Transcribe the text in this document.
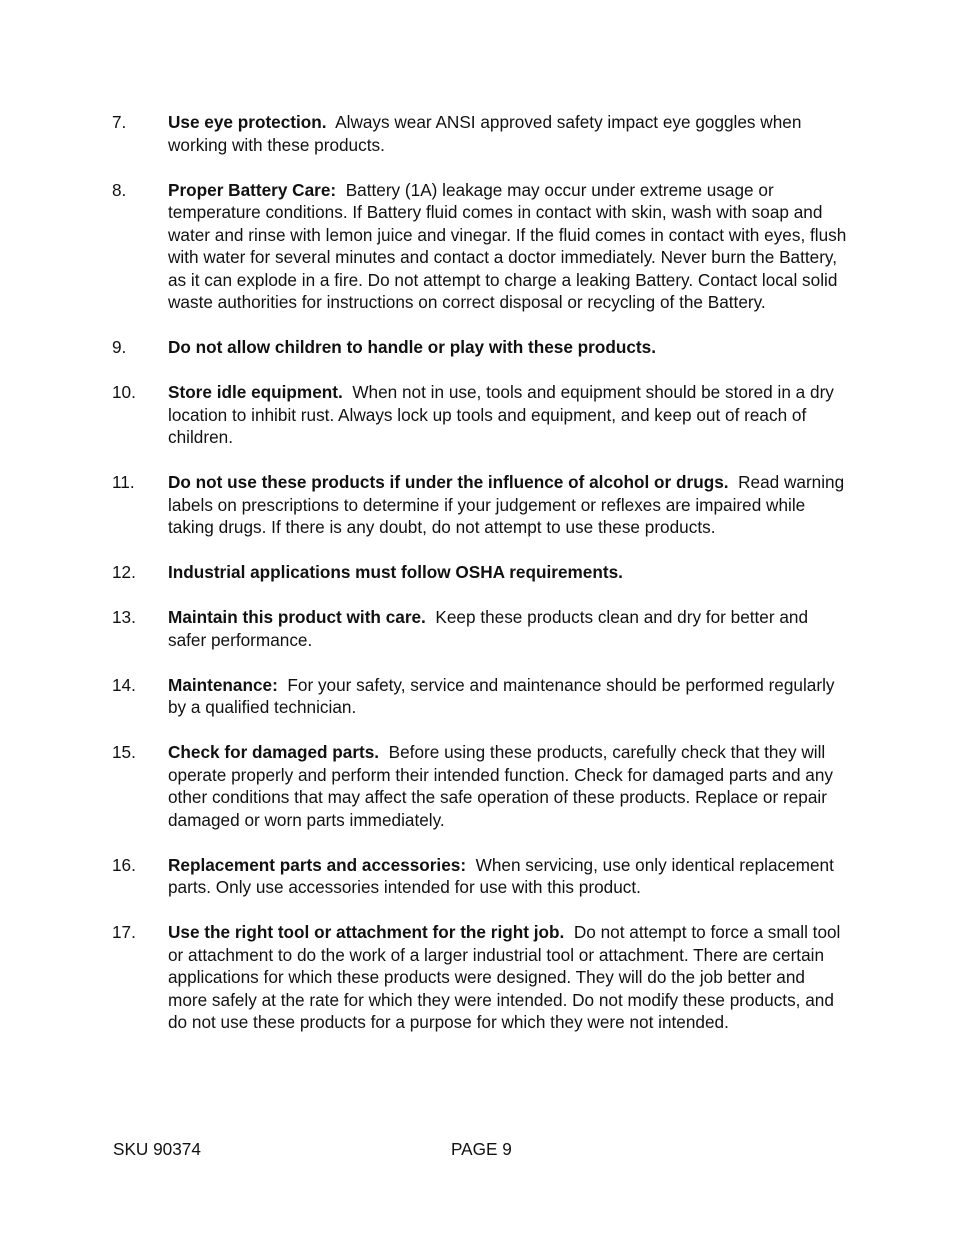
7.	Use eye protection. Always wear ANSI approved safety impact eye goggles when working with these products.
8.	Proper Battery Care: Battery (1A) leakage may occur under extreme usage or temperature conditions. If Battery fluid comes in contact with skin, wash with soap and water and rinse with lemon juice and vinegar. If the fluid comes in contact with eyes, flush with water for several minutes and contact a doctor immediately. Never burn the Battery, as it can explode in a fire. Do not attempt to charge a leaking Battery. Contact local solid waste authorities for instructions on correct disposal or recycling of the Battery.
9.	Do not allow children to handle or play with these products.
10.	Store idle equipment. When not in use, tools and equipment should be stored in a dry location to inhibit rust. Always lock up tools and equipment, and keep out of reach of children.
11.	Do not use these products if under the influence of alcohol or drugs. Read warning labels on prescriptions to determine if your judgement or reflexes are impaired while taking drugs. If there is any doubt, do not attempt to use these products.
12.	Industrial applications must follow OSHA requirements.
13.	Maintain this product with care. Keep these products clean and dry for better and safer performance.
14.	Maintenance: For your safety, service and maintenance should be performed regularly by a qualified technician.
15.	Check for damaged parts. Before using these products, carefully check that they will operate properly and perform their intended function. Check for damaged parts and any other conditions that may affect the safe operation of these products. Replace or repair damaged or worn parts immediately.
16.	Replacement parts and accessories: When servicing, use only identical replacement parts. Only use accessories intended for use with this product.
17.	Use the right tool or attachment for the right job. Do not attempt to force a small tool or attachment to do the work of a larger industrial tool or attachment. There are certain applications for which these products were designed. They will do the job better and more safely at the rate for which they were intended. Do not modify these products, and do not use these products for a purpose for which they were not intended.
SKU 90374	PAGE 9
